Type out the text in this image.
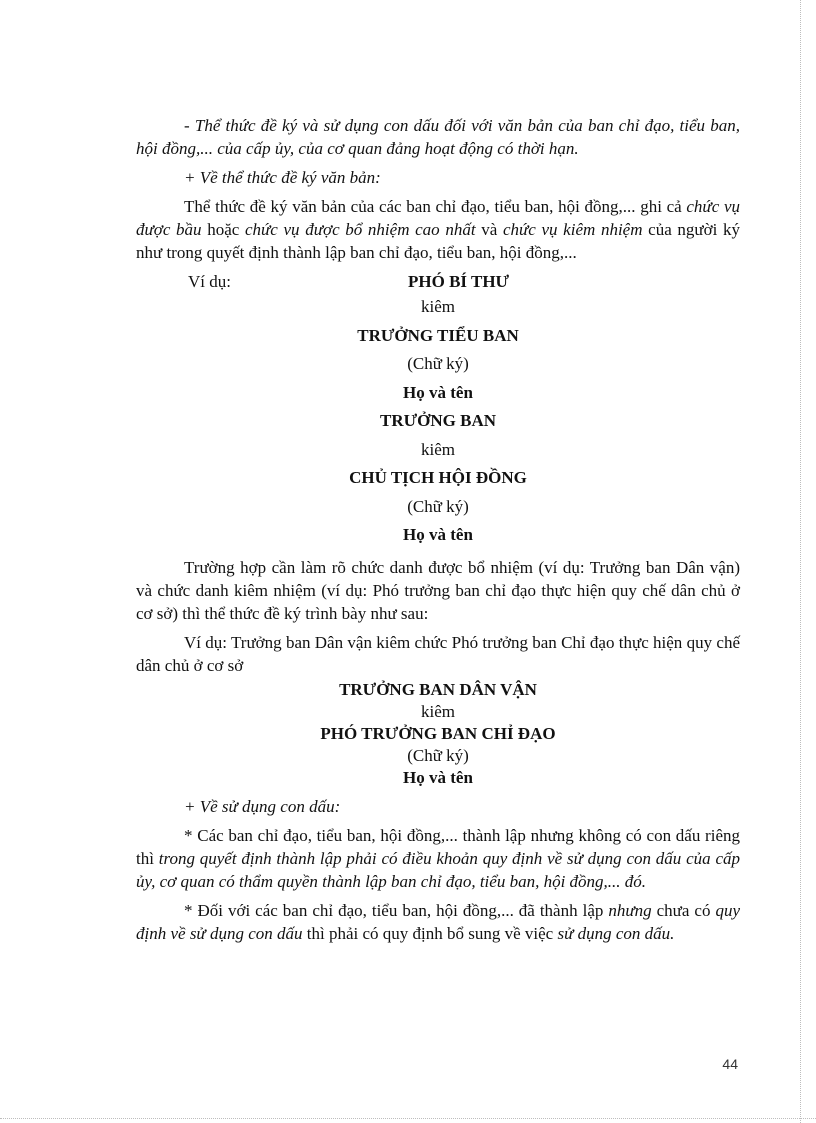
- Thể thức đề ký và sử dụng con dấu đối với văn bản của ban chỉ đạo, tiểu ban, hội đồng,... của cấp ủy, của cơ quan đảng hoạt động có thời hạn.

+ Về thể thức đề ký văn bản:

Thể thức đề ký văn bản của các ban chỉ đạo, tiểu ban, hội đồng,... ghi cả chức vụ được bầu hoặc chức vụ được bổ nhiệm cao nhất và chức vụ kiêm nhiệm của người ký như trong quyết định thành lập ban chỉ đạo, tiểu ban, hội đồng,...

Ví dụ:	PHÓ BÍ THƯ
kiêm
TRƯỞNG TIỂU BAN
(Chữ ký)
Họ và tên
TRƯỞNG BAN
kiêm
CHỦ TỊCH HỘI ĐỒNG
(Chữ ký)
Họ và tên

Trường hợp cần làm rõ chức danh được bổ nhiệm (ví dụ: Trưởng ban Dân vận) và chức danh kiêm nhiệm (ví dụ: Phó trưởng ban chỉ đạo thực hiện quy chế dân chủ ở cơ sở) thì thể thức đề ký trình bày như sau:

Ví dụ: Trưởng ban Dân vận kiêm chức Phó trưởng ban Chỉ đạo thực hiện quy chế dân chủ ở cơ sở

TRƯỞNG BAN DÂN VẬN
kiêm
PHÓ TRƯỞNG BAN CHỈ ĐẠO
(Chữ ký)
Họ và tên

+ Về sử dụng con dấu:

* Các ban chỉ đạo, tiểu ban, hội đồng,... thành lập nhưng không có con dấu riêng thì trong quyết định thành lập phải có điều khoản quy định về sử dụng con dấu của cấp ủy, cơ quan có thẩm quyền thành lập ban chỉ đạo, tiểu ban, hội đồng,... đó.

* Đối với các ban chỉ đạo, tiểu ban, hội đồng,... đã thành lập nhưng chưa có quy định về sử dụng con dấu thì phải có quy định bổ sung về việc sử dụng con dấu.

44
